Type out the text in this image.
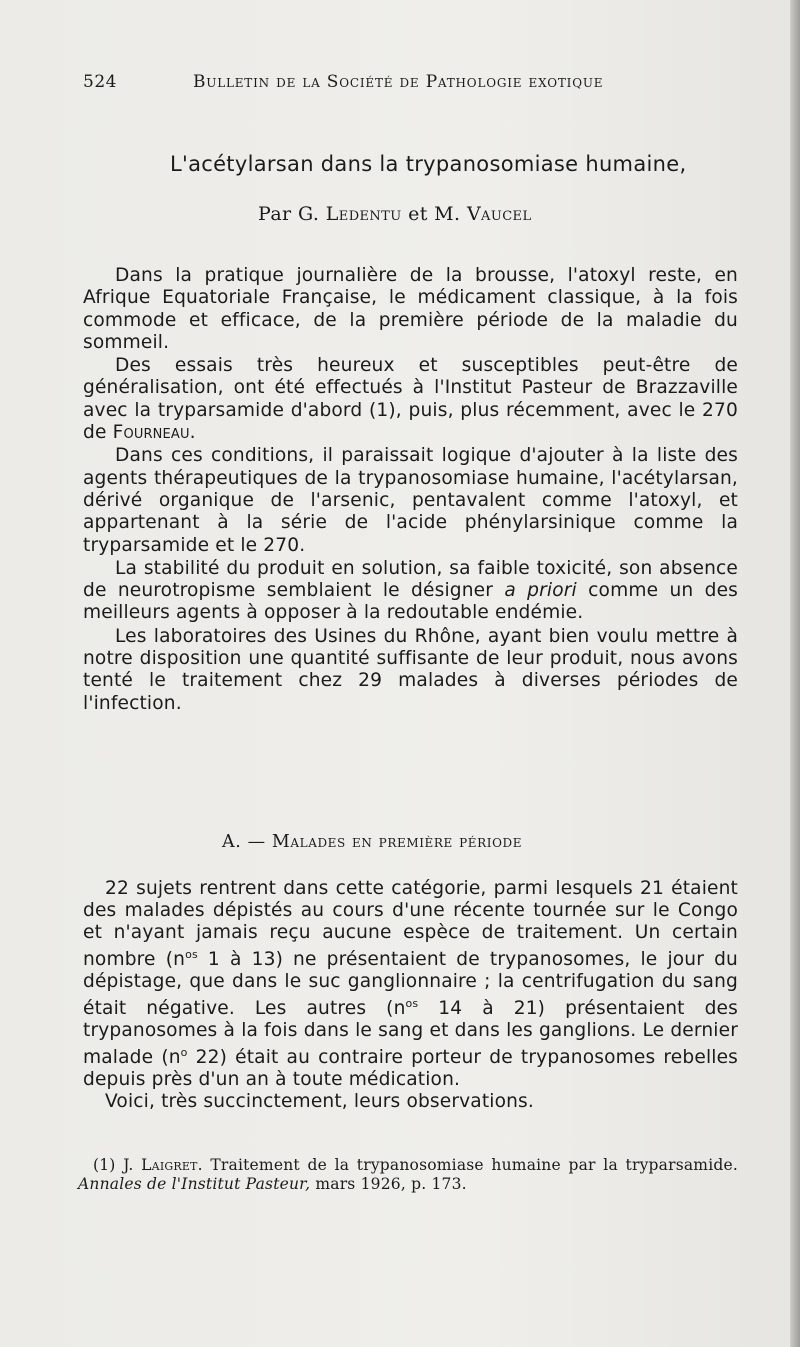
524	Bulletin de la Société de Pathologie exotique
L'acétylarsan dans la trypanosomiase humaine,
Par G. Ledentu et M. Vaucel

Dans la pratique journalière de la brousse, l'atoxyl reste, en Afrique Equatoriale Française, le médicament classique, à la fois commode et efficace, de la première période de la maladie du sommeil.

Des essais très heureux et susceptibles peut-être de généralisation, ont été effectués à l'Institut Pasteur de Brazzaville avec la tryparsamide d'abord (1), puis, plus récemment, avec le 270 de Fourneau.

Dans ces conditions, il paraissait logique d'ajouter à la liste des agents thérapeutiques de la trypanosomiase humaine, l'acétylarsan, dérivé organique de l'arsenic, pentavalent comme l'atoxyl, et appartenant à la série de l'acide phénylarsinique comme la tryparsamide et le 270.

La stabilité du produit en solution, sa faible toxicité, son absence de neurotropisme semblaient le désigner a priori comme un des meilleurs agents à opposer à la redoutable endémie.

Les laboratoires des Usines du Rhône, ayant bien voulu mettre à notre disposition une quantité suffisante de leur produit, nous avons tenté le traitement chez 29 malades à diverses périodes de l'infection.

A. — Malades en première période

22 sujets rentrent dans cette catégorie, parmi lesquels 21 étaient des malades dépistés au cours d'une récente tournée sur le Congo et n'ayant jamais reçu aucune espèce de traitement. Un certain nombre ($n^{os}$ 1 à 13) ne présentaient de trypanosomes, le jour du dépistage, que dans le suc ganglionnaire ; la centrifugation du sang était négative. Les autres ($n^{os}$ 14 à 21) présentaient des trypanosomes à la fois dans le sang et dans les ganglions. Le dernier malade ($n^o$ 22) était au contraire porteur de trypanosomes rebelles depuis près d'un an à toute médication.

Voici, très succinctement, leurs observations.

(1) J. Laigret. Traitement de la trypanosomiase humaine par la tryparsamide. Annales de l'Institut Pasteur, mars 1926, p. 173.
